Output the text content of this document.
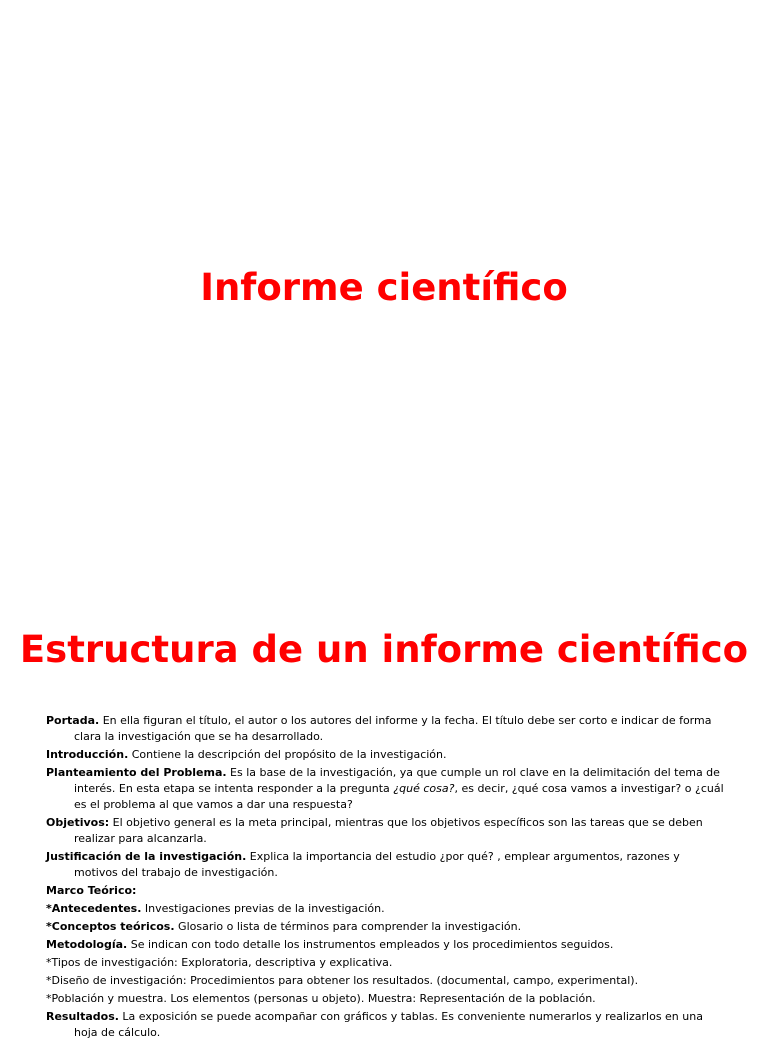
Informe científico
Estructura de un informe científico

Portada. En ella figuran el título, el autor o los autores del informe y la fecha. El título debe ser corto e indicar de forma clara la investigación que se ha desarrollado.

Introducción. Contiene la descripción del propósito de la investigación.

Planteamiento del Problema. Es la base de la investigación, ya que cumple un rol clave en la delimitación del tema de interés. En esta etapa se intenta responder a la pregunta ¿qué cosa?, es decir, ¿qué cosa vamos a investigar? o ¿cuál es el problema al que vamos a dar una respuesta?

Objetivos: El objetivo general es la meta principal, mientras que los objetivos específicos son las tareas que se deben realizar para alcanzarla.

Justificación de la investigación. Explica la importancia del estudio ¿por qué? , emplear argumentos, razones y motivos del trabajo de investigación.

Marco Teórico:

*Antecedentes. Investigaciones previas de la investigación.

*Conceptos teóricos. Glosario o lista de términos para comprender la investigación.

Metodología. Se indican con todo detalle los instrumentos empleados y los procedimientos seguidos.

*Tipos de investigación: Exploratoria, descriptiva y explicativa.

*Diseño de investigación: Procedimientos para obtener los resultados. (documental, campo, experimental).

*Población y muestra. Los elementos (personas u objeto). Muestra: Representación de la población.

Resultados. La exposición se puede acompañar con gráficos y tablas. Es conveniente numerarlos y realizarlos en una hoja de cálculo.
